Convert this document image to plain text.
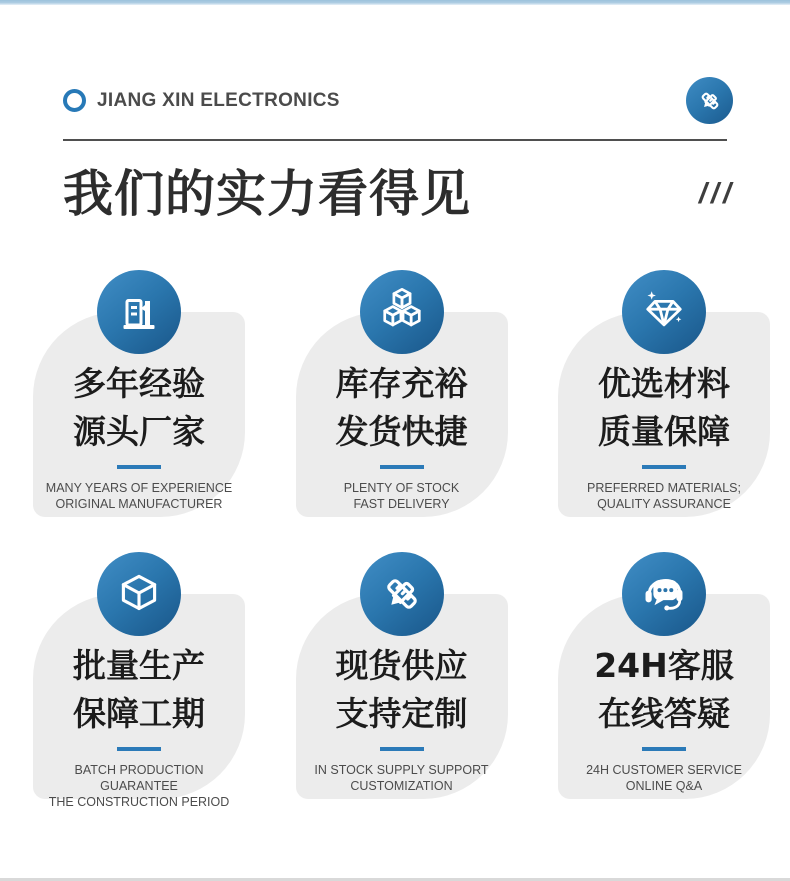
JIANG XIN ELECTRONICS
我们的实力看得见	///
多年经验
源头厂家
MANY YEARS OF EXPERIENCE
ORIGINAL MANUFACTURER
库存充裕
发货快捷
PLENTY OF STOCK
FAST DELIVERY
优选材料
质量保障
PREFERRED MATERIALS;
QUALITY ASSURANCE
批量生产
保障工期
BATCH PRODUCTION GUARANTEE
THE CONSTRUCTION PERIOD
现货供应
支持定制
IN STOCK SUPPLY SUPPORT
CUSTOMIZATION
24H客服
在线答疑
24H CUSTOMER SERVICE
ONLINE Q&A
